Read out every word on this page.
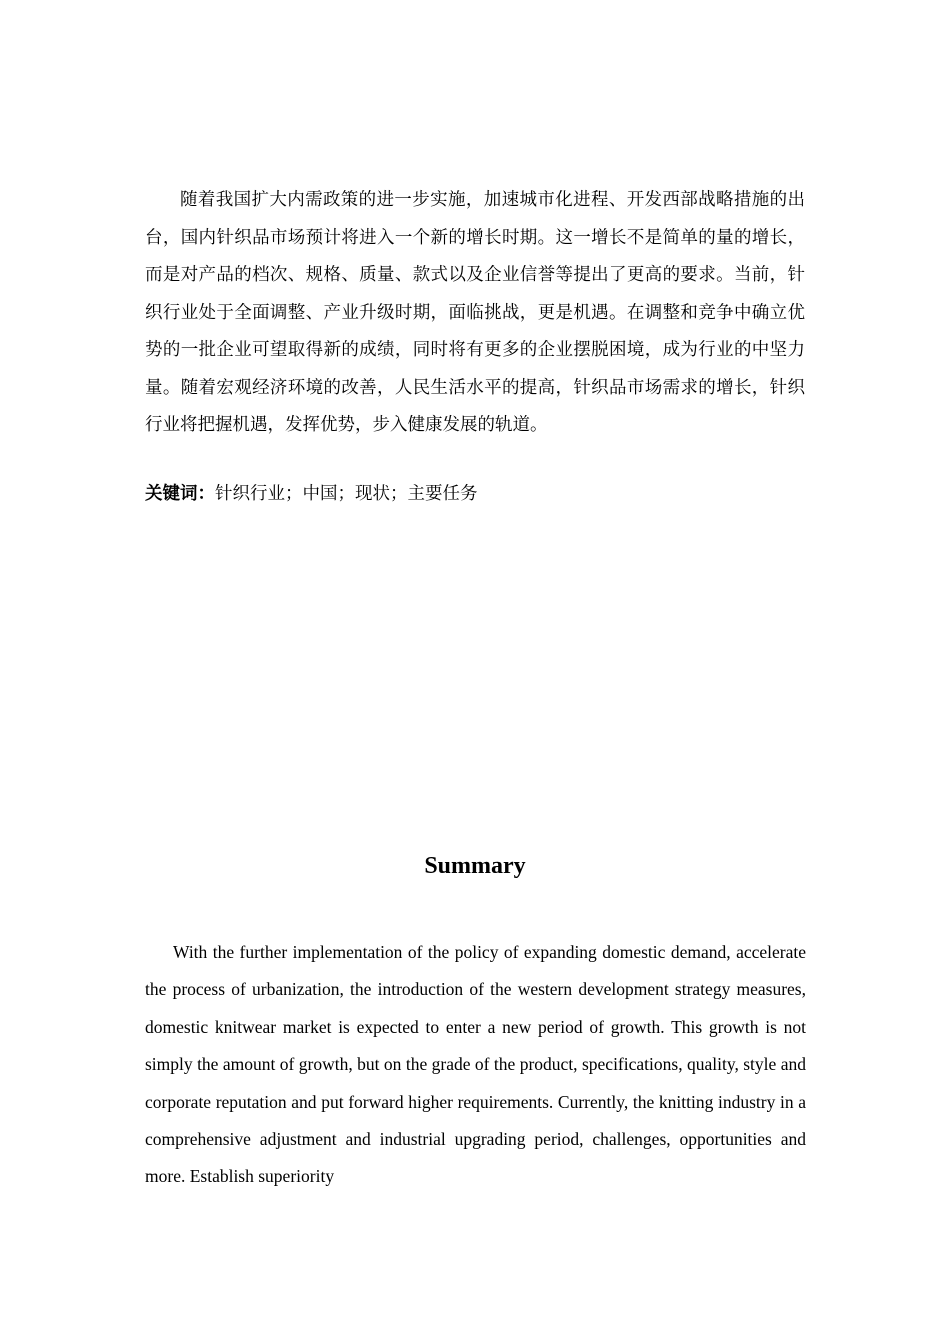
随着我国扩大内需政策的进一步实施，加速城市化进程、开发西部战略措施的出台，国内针织品市场预计将进入一个新的增长时期。这一增长不是简单的量的增长，而是对产品的档次、规格、质量、款式以及企业信誉等提出了更高的要求。当前，针织行业处于全面调整、产业升级时期，面临挑战，更是机遇。在调整和竞争中确立优势的一批企业可望取得新的成绩，同时将有更多的企业摆脱困境，成为行业的中坚力量。随着宏观经济环境的改善，人民生活水平的提高，针织品市场需求的增长，针织行业将把握机遇，发挥优势，步入健康发展的轨道。

关键词：针织行业；中国；现状；主要任务

Summary

With the further implementation of the policy of expanding domestic demand, accelerate the process of urbanization, the introduction of the western development strategy measures, domestic knitwear market is expected to enter a new period of growth. This growth is not simply the amount of growth, but on the grade of the product, specifications, quality, style and corporate reputation and put forward higher requirements. Currently, the knitting industry in a comprehensive adjustment and industrial upgrading period, challenges, opportunities and more. Establish superiority
